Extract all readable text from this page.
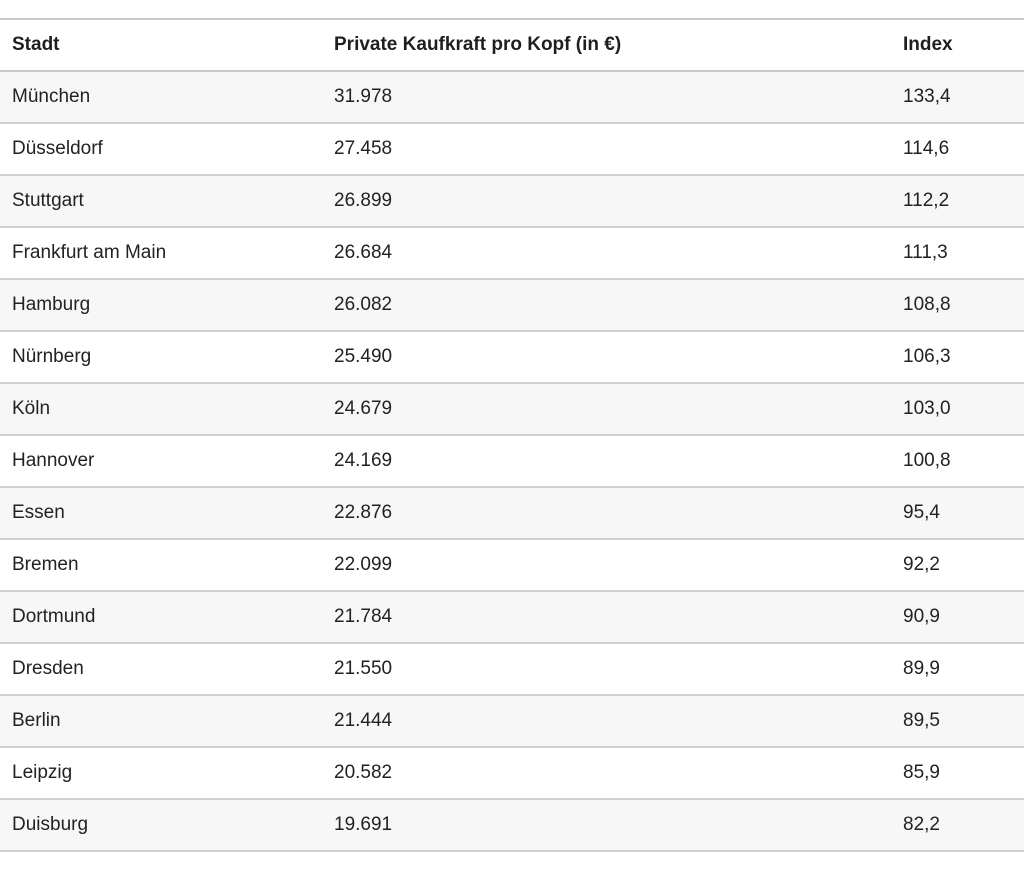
Stadt	Private Kaufkraft pro Kopf (in €)	Index
München	31.978	133,4
Düsseldorf	27.458	114,6
Stuttgart	26.899	112,2
Frankfurt am Main	26.684	111,3
Hamburg	26.082	108,8
Nürnberg	25.490	106,3
Köln	24.679	103,0
Hannover	24.169	100,8
Essen	22.876	95,4
Bremen	22.099	92,2
Dortmund	21.784	90,9
Dresden	21.550	89,9
Berlin	21.444	89,5
Leipzig	20.582	85,9
Duisburg	19.691	82,2
